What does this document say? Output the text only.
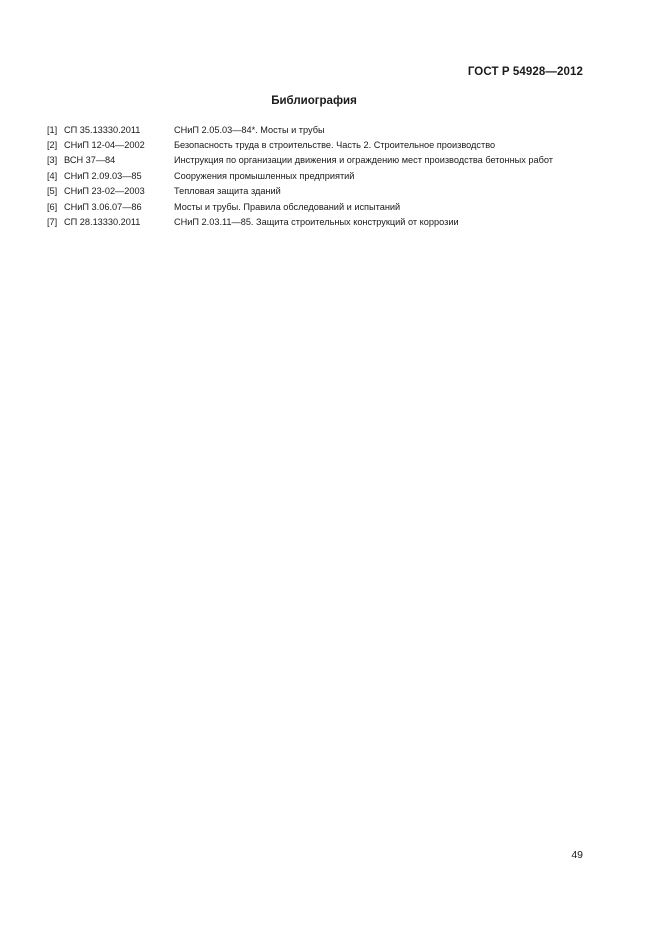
ГОСТ Р 54928—2012
Библиография
[1] СП 35.13330.2011	СНиП 2.05.03—84*. Мосты и трубы
[2] СНиП 12-04—2002	Безопасность труда в строительстве. Часть 2. Строительное производство
[3] ВСН 37—84	Инструкция по организации движения и ограждению мест производства бетонных работ
[4] СНиП 2.09.03—85	Сооружения промышленных предприятий
[5] СНиП 23-02—2003	Тепловая защита зданий
[6] СНиП 3.06.07—86	Мосты и трубы. Правила обследований и испытаний
[7] СП 28.13330.2011	СНиП 2.03.11—85. Защита строительных конструкций от коррозии
49
